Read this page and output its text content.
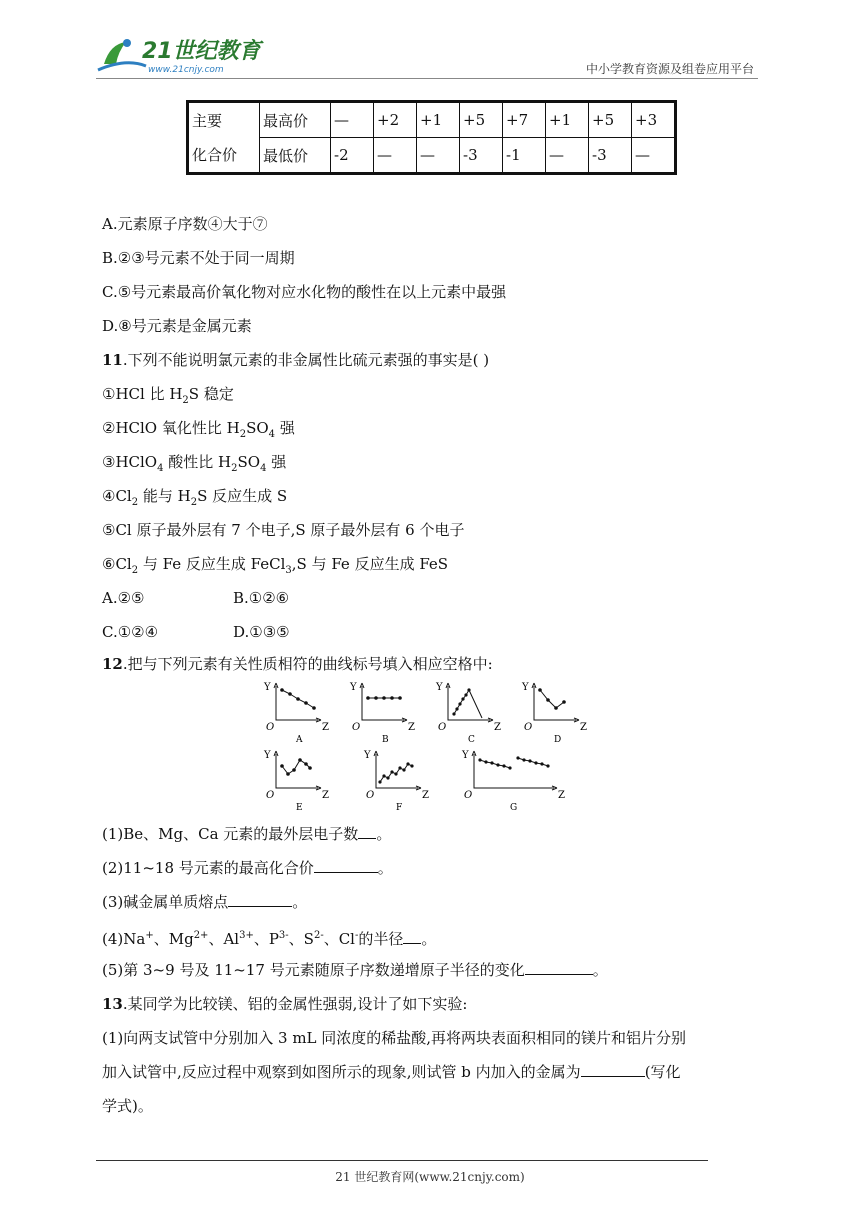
21世纪教育
www.21cnjy.com	中小学教育资源及组卷应用平台
主要	最高价	—	+2	+1	+5	+7	+1	+5	+3
化合价	最低价	-2	—	—	-3	-1	—	-3	—
A.元素原子序数④大于⑦
B.②③号元素不处于同一周期
C.⑤号元素最高价氧化物对应水化物的酸性在以上元素中最强
D.⑧号元素是金属元素
11.下列不能说明氯元素的非金属性比硫元素强的事实是( )
①HCl 比 $H_2S$ 稳定
②HClO 氧化性比 $H_2SO_4$ 强
③HClO$_4$ 酸性比 $H_2SO_4$ 强
$④Cl_2$ 能与 $H_2S$ 反应生成 S
⑤Cl 原子最外层有 7 个电子,S 原子最外层有 6 个电子
$⑥Cl_2$ 与 Fe 反应生成 FeCl$_3$,S 与 Fe 反应生成 FeS
A.②⑤	B.①②⑥
C.①②④	D.①③⑤
12.把与下列元素有关性质相符的曲线标号填入相应空格中:
Y
O	Z
A
Y
O	Z
B
Y
O	Z
C
Y
O	Z
D
Y
O	Z
E
Y
O	Z
F
Y
O	Z
G
(1)Be、Mg、Ca 元素的最外层电子数 。
(2)11~18 号元素的最高化合价	。
(3)碱金属单质熔点	。
(4)Na+、$Mg^{2+}$、$Al^{3+}$、$P^{3-}$、$S^{2-}$、Cl-的半径 。
(5)第 3~9 号及 11~17 号元素随原子序数递增原子半径的变化	。
13.某同学为比较镁、铝的金属性强弱,设计了如下实验:
(1)向两支试管中分别加入 3 mL 同浓度的稀盐酸,再将两块表面积相同的镁片和铝片分别
加入试管中,反应过程中观察到如图所示的现象,则试管 b 内加入的金属为	(写化
学式)。
21 世纪教育网(www.21cnjy.com)
